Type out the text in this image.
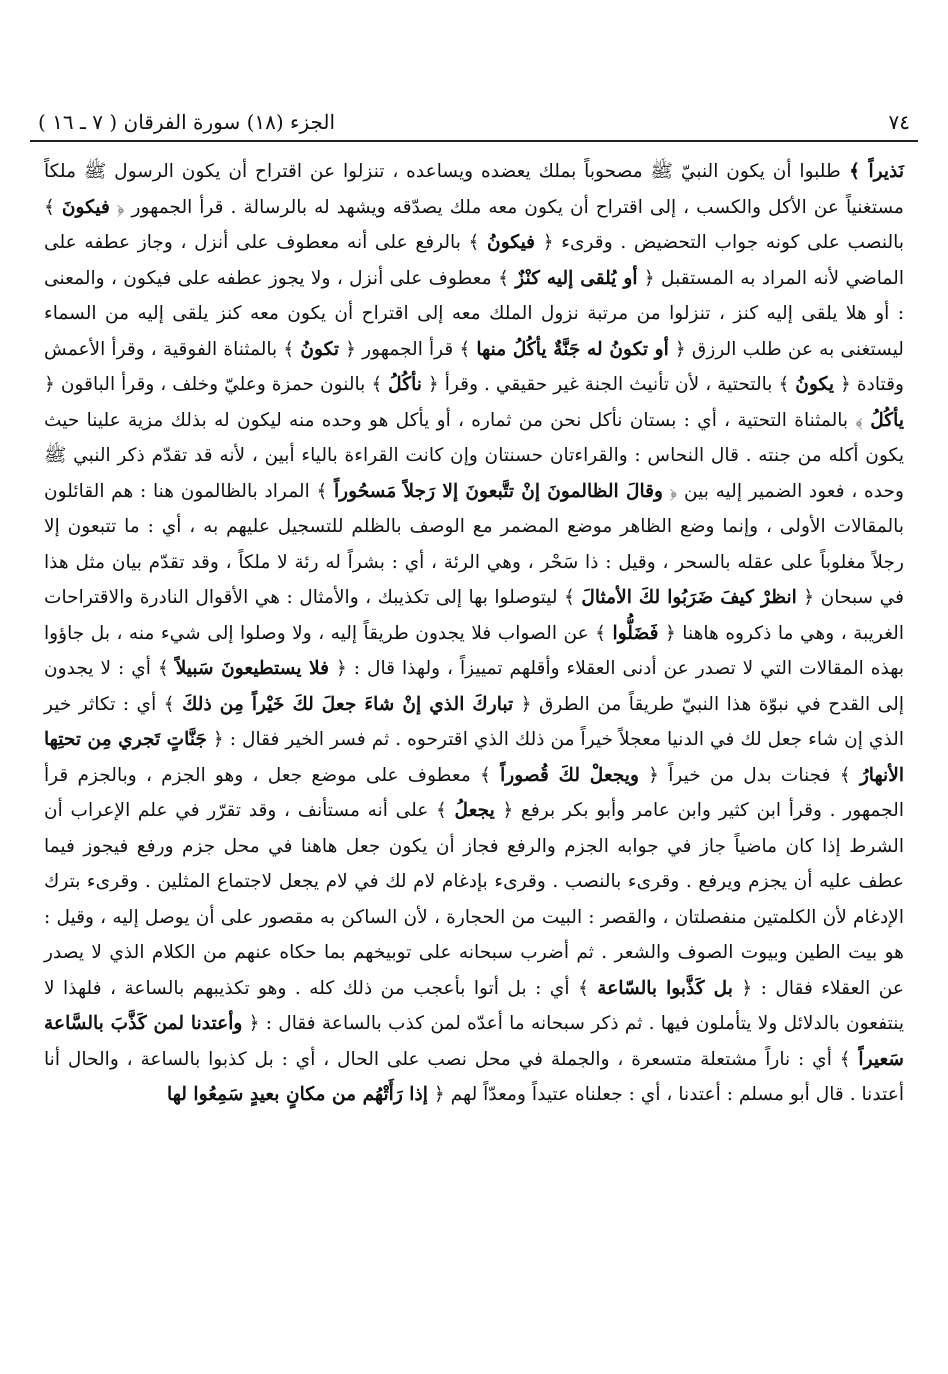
٧٤
الجزء (١٨) سورة الفرقان ( ٧ ـ ١٦ )

نَذيراً ﴾ طلبوا أن يكون النبيّ ﷺ مصحوباً بملك يعضده ويساعده ، تنزلوا عن اقتراح أن يكون الرسول ﷺ ملكاً مستغنياً عن الأكل والكسب ، إلى اقتراح أن يكون معه ملك يصدّقه ويشهد له بالرسالة . قرأ الجمهور ﴿ فيكونَ ﴾ بالنصب على كونه جواب التحضيض . وقرىء ﴿ فيكونُ ﴾ بالرفع على أنه معطوف على أنزل ، وجاز عطفه على الماضي لأنه المراد به المستقبل ﴿ أو يُلقى إليه كنْزٌ ﴾ معطوف على أنزل ، ولا يجوز عطفه على فيكون ، والمعنى : أو هلا يلقى إليه كنز ، تنزلوا من مرتبة نزول الملك معه إلى اقتراح أن يكون معه كنز يلقى إليه من السماء ليستغنى به عن طلب الرزق ﴿ أو تكونُ له جَنَّةٌ يأكُلُ منها ﴾ قرأ الجمهور ﴿ تكونُ ﴾ بالمثناة الفوقية ، وقرأ الأعمش وقتادة ﴿ يكونُ ﴾ بالتحتية ، لأن تأنيث الجنة غير حقيقي . وقرأ ﴿ نأكُلُ ﴾ بالنون حمزة وعليّ وخلف ، وقرأ الباقون ﴿ يأكُلُ ﴾ بالمثناة التحتية ، أي : بستان نأكل نحن من ثماره ، أو يأكل هو وحده منه ليكون له بذلك مزية علينا حيث يكون أكله من جنته . قال النحاس : والقراءتان حسنتان وإن كانت القراءة بالياء أبين ، لأنه قد تقدّم ذكر النبي ﷺ وحده ، فعود الضمير إليه بين ﴿ وقالَ الظالمونَ إنْ تتَّبعونَ إلا رَجلاً مَسحُوراً ﴾ المراد بالظالمون هنا : هم القائلون بالمقالات الأولى ، وإنما وضع الظاهر موضع المضمر مع الوصف بالظلم للتسجيل عليهم به ، أي : ما تتبعون إلا رجلاً مغلوباً على عقله بالسحر ، وقيل : ذا سَحْر ، وهي الرئة ، أي : بشراً له رئة لا ملكاً ، وقد تقدّم بيان مثل هذا في سبحان ﴿ انظرْ كيفَ ضَرَبُوا لكَ الأمثالَ ﴾ ليتوصلوا بها إلى تكذيبك ، والأمثال : هي الأقوال النادرة والاقتراحات الغريبة ، وهي ما ذكروه هاهنا ﴿ فَضَلُّوا ﴾ عن الصواب فلا يجدون طريقاً إليه ، ولا وصلوا إلى شيء منه ، بل جاؤوا بهذه المقالات التي لا تصدر عن أدنى العقلاء وأقلهم تمييزاً ، ولهذا قال : ﴿ فلا يستطيعونَ سَبيلاً ﴾ أي : لا يجدون إلى القدح في نبوّة هذا النبيّ طريقاً من الطرق ﴿ تباركَ الذي إنْ شاءَ جعلَ لكَ خَيْراً مِن ذلكَ ﴾ أي : تكاثر خير الذي إن شاء جعل لك في الدنيا معجلاً خيراً من ذلك الذي اقترحوه . ثم فسر الخير فقال : ﴿ جَنَّاتٍ تَجري مِن تحتِها الأنهارُ ﴾ فجنات بدل من خيراً ﴿ ويجعلْ لكَ قُصوراً ﴾ معطوف على موضع جعل ، وهو الجزم ، وبالجزم قرأ الجمهور . وقرأ ابن كثير وابن عامر وأبو بكر برفع ﴿ يجعلُ ﴾ على أنه مستأنف ، وقد تقرّر في علم الإعراب أن الشرط إذا كان ماضياً جاز في جوابه الجزم والرفع فجاز أن يكون جعل هاهنا في محل جزم ورفع فيجوز فيما عطف عليه أن يجزم ويرفع . وقرىء بالنصب . وقرىء بإدغام لام لك في لام يجعل لاجتماع المثلين . وقرىء بترك الإدغام لأن الكلمتين منفصلتان ، والقصر : البيت من الحجارة ، لأن الساكن به مقصور على أن يوصل إليه ، وقيل : هو بيت الطين وبيوت الصوف والشعر . ثم أضرب سبحانه على توبيخهم بما حكاه عنهم من الكلام الذي لا يصدر عن العقلاء فقال : ﴿ بل كَذَّبوا بالسّاعة ﴾ أي : بل أتوا بأعجب من ذلك كله . وهو تكذيبهم بالساعة ، فلهذا لا ينتفعون بالدلائل ولا يتأملون فيها . ثم ذكر سبحانه ما أعدّه لمن كذب بالساعة فقال : ﴿ وأعتدنا لمن كَذَّبَ بالسَّاعة سَعيراً ﴾ أي : ناراً مشتعلة متسعرة ، والجملة في محل نصب على الحال ، أي : بل كذبوا بالساعة ، والحال أنا أعتدنا . قال أبو مسلم : أعتدنا ، أي : جعلناه عتيداً ومعدّاً لهم ﴿ إذا رَأَتْهُم من مكانٍ بعيدٍ سَمِعُوا لها
